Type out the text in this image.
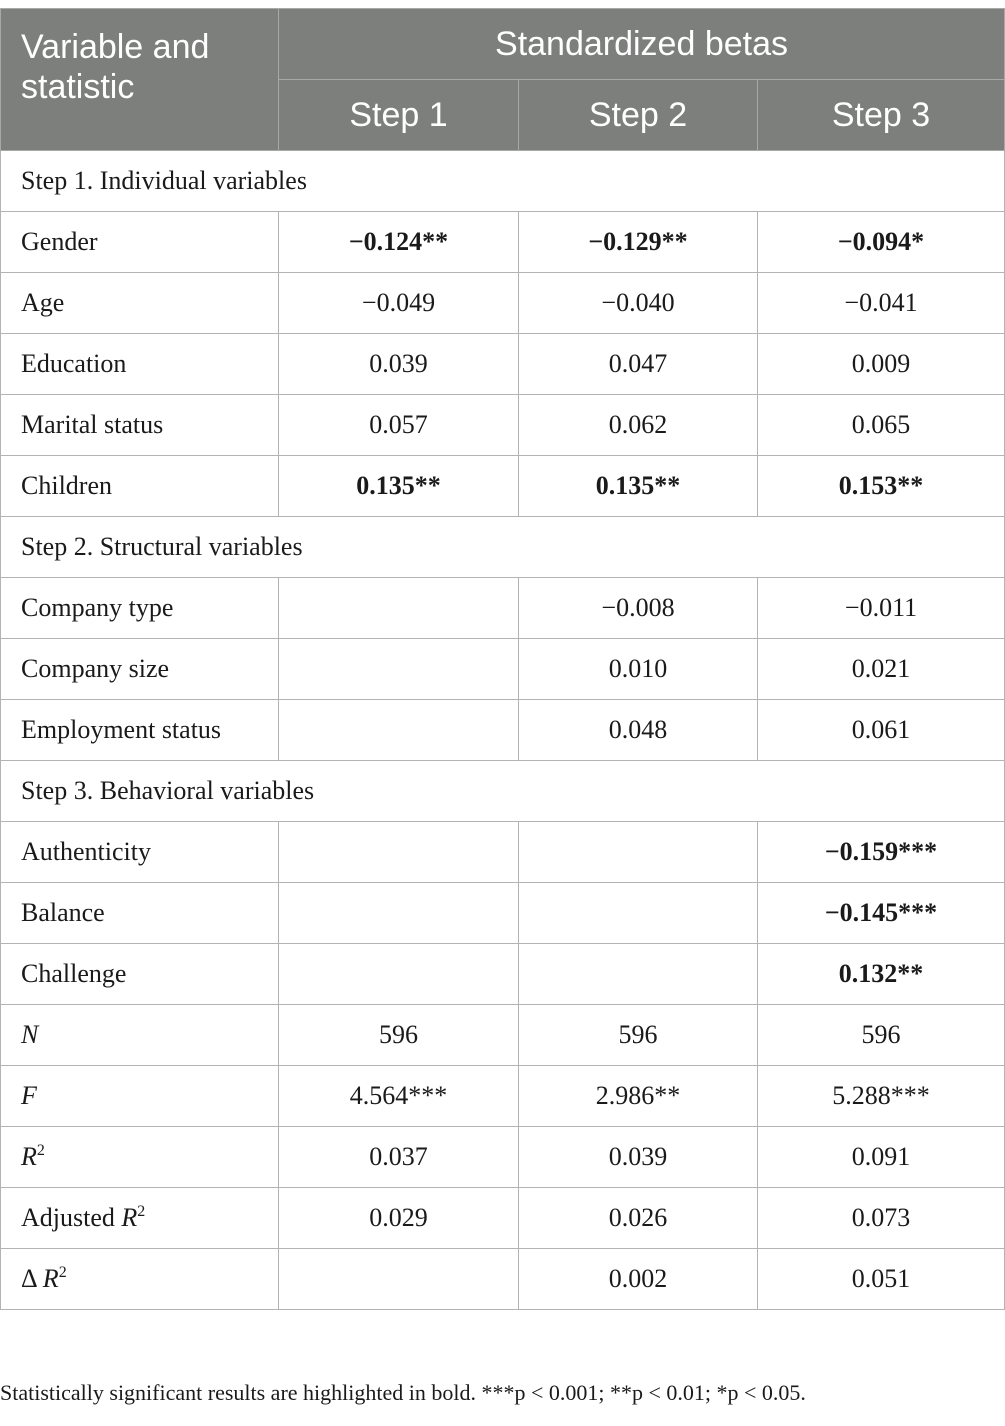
Variable and statistic	Standardized betas		
	Step 1	Step 2	Step 3
Step 1. Individual variables			
Gender	−0.124**	−0.129**	−0.094*
Age	−0.049	−0.040	−0.041
Education	0.039	0.047	0.009
Marital status	0.057	0.062	0.065
Children	0.135**	0.135**	0.153**
Step 2. Structural variables			
Company type		−0.008	−0.011
Company size		0.010	0.021
Employment status		0.048	0.061
Step 3. Behavioral variables			
Authenticity			−0.159***
Balance			−0.145***
Challenge			0.132**
N	596	596	596
F	4.564***	2.986**	5.288***
$R^2$	0.037	0.039	0.091
Adjusted $R^2$	0.029	0.026	0.073
Δ $R^2$		0.002	0.051
Statistically significant results are highlighted in bold. ***p < 0.001; **p < 0.01; *p < 0.05.
